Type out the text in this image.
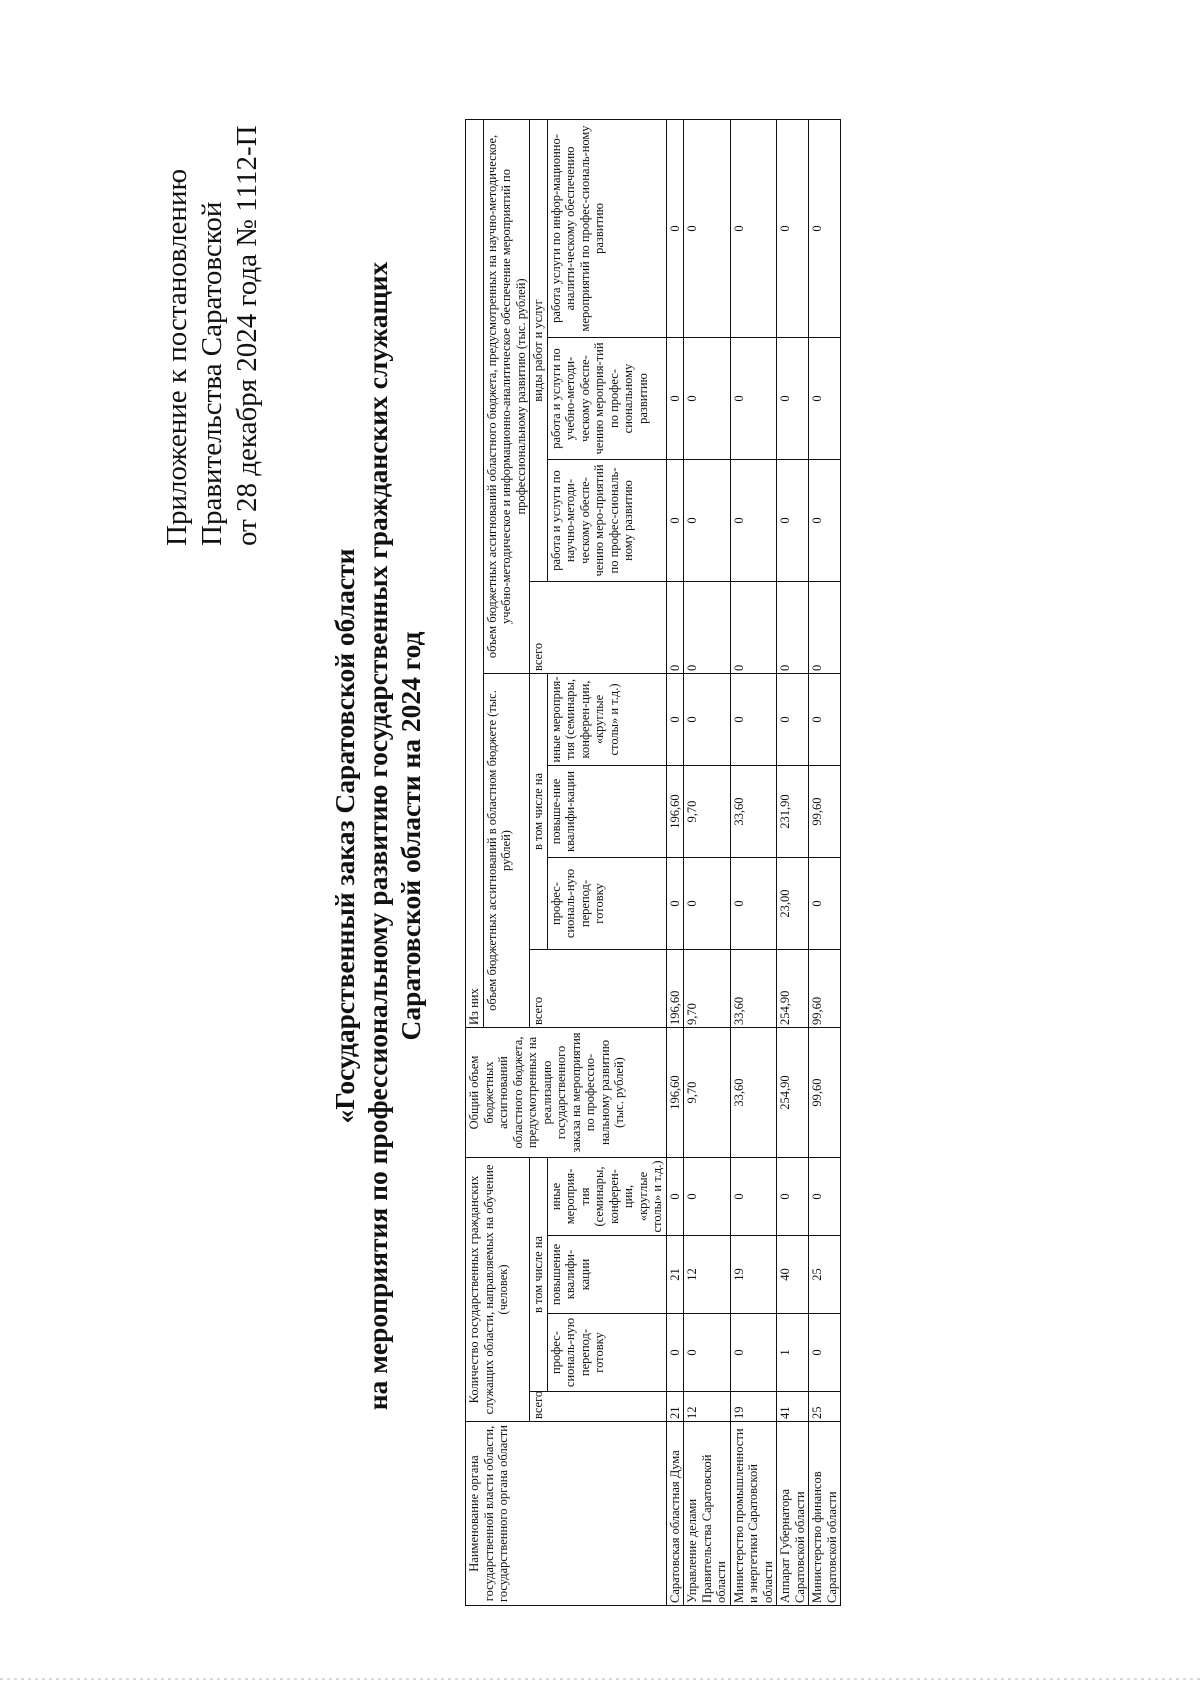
Приложение к постановлению Правительства Саратовской от 28 декабря 2024 года № 1112-П
«Государственный заказ Саратовской области на мероприятия по профессиональному развитию государственных гражданских служащих Саратовской области на 2024 год
Наименование органа государственной власти области, государственного органа области	Количество государственных гражданских служащих области, направляемых на обучение (человек)				Общий объем бюджетных ассигнований областного бюджета, предусмотренных на реализацию государственного заказа на мероприятия по профессио-нальному развитию (тыс. рублей)	Из них							
						объем бюджетных ассигнований в областном бюджете (тыс. рублей)				объем бюджетных ассигнований областного бюджета, предусмотренных на научно-методическое, учебно-методическое и информационно-аналитическое обеспечение мероприятий по профессиональному развитию (тыс. рублей)			
	всего	в том числе на				всего	в том числе на			всего	виды работ и услуг		
		профес-сиональ-ную перепод-готовку	повышение квалифи-кации	иные мероприя-тия (семинары, конферен-ции, «круглые столы» и т.д.)			профес-сиональ-ную перепод-готовку	повыше-ние квалифи-кации	иные мероприя-тия (семинары, конферен-ции, «круглые столы» и т.д.)		работа и услуги по научно-методи-ческому обеспе-чению меро-приятий по профес-сиональ-ному развитию	работа и услуги по учебно-методи-ческому обеспе-чению мероприя-тий по профес-сиональному развитию	работа услуги по инфор-мационно-аналити-ческому обеспечению мероприятий по профес-сиональ-ному развитию
Саратовская областная Дума	21	0	21	0	196,60	196,60	0	196,60	0	0	0	0	0
Управление делами Правительства Саратовской области	12	0	12	0	9,70	9,70	0	9,70	0	0	0	0	0
Министерство промышленности и энергетики Саратовской области	19	0	19	0	33,60	33,60	0	33,60	0	0	0	0	0
Аппарат Губернатора Саратовской области	41	1	40	0	254,90	254,90	23,00	231,90	0	0	0	0	0
Министерство финансов Саратовской области	25	0	25	0	99,60	99,60	0	99,60	0	0	0	0	0
